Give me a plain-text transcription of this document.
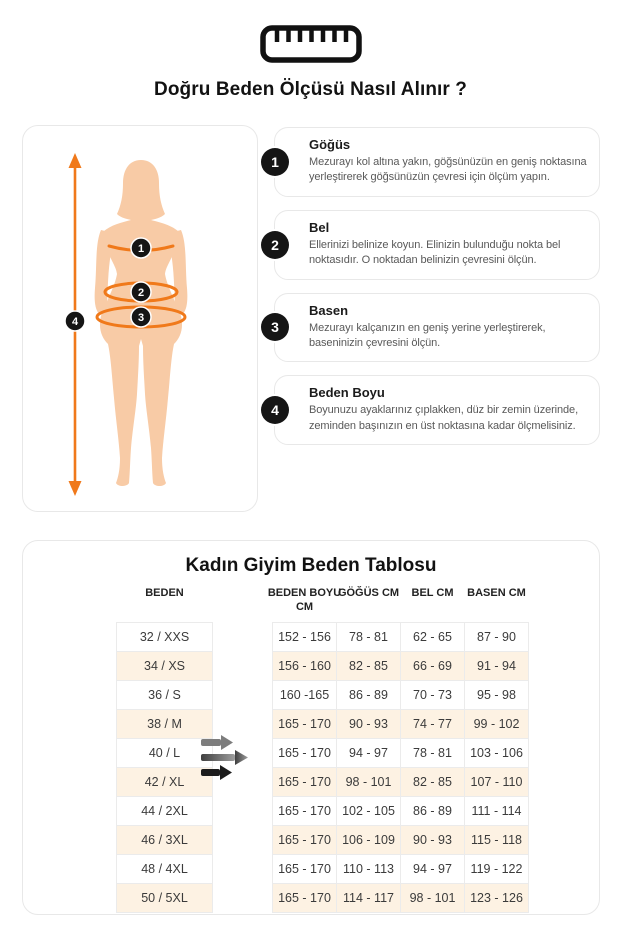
Doğru Beden Ölçüsü Nasıl Alınır ?
1
2
3
4
1
Göğüs
Mezurayı kol altına yakın, göğsünüzün en geniş noktasına yerleştirerek göğsünüzün çevresi için ölçüm yapın.
2
Bel
Ellerinizi belinize koyun. Elinizin bulunduğu nokta bel noktasıdır. O noktadan belinizin çevresini ölçün.
3
Basen
Mezurayı kalçanızın en geniş yerine yerleştirerek, baseninizin çevresini ölçün.
4
Beden Boyu
Boyunuzu ayaklarınız çıplakken, düz bir zemin üzerinde, zeminden başınızın en üst noktasına kadar ölçmelisiniz.
Kadın Giyim Beden Tablosu
BEDEN		BEDEN BOYU CM	GÖĞÜS CM	BEL CM	BASEN CM
32 / XXS		152 - 156	78 - 81	62 - 65	87 - 90
34 / XS		156 - 160	82 - 85	66 - 69	91 - 94
36 / S		160 -165	86 - 89	70 - 73	95 - 98
38 / M		165 - 170	90 - 93	74 - 77	99 - 102
40 / L		165 - 170	94 - 97	78 - 81	103 - 106
42 / XL		165 - 170	98 - 101	82 - 85	107 - 110
44 / 2XL		165 - 170	102 - 105	86 - 89	111 - 114
46 / 3XL		165 - 170	106 - 109	90 - 93	115 - 118
48 / 4XL		165 - 170	110 - 113	94 - 97	119 - 122
50 / 5XL		165 - 170	114 - 117	98 - 101	123 - 126
